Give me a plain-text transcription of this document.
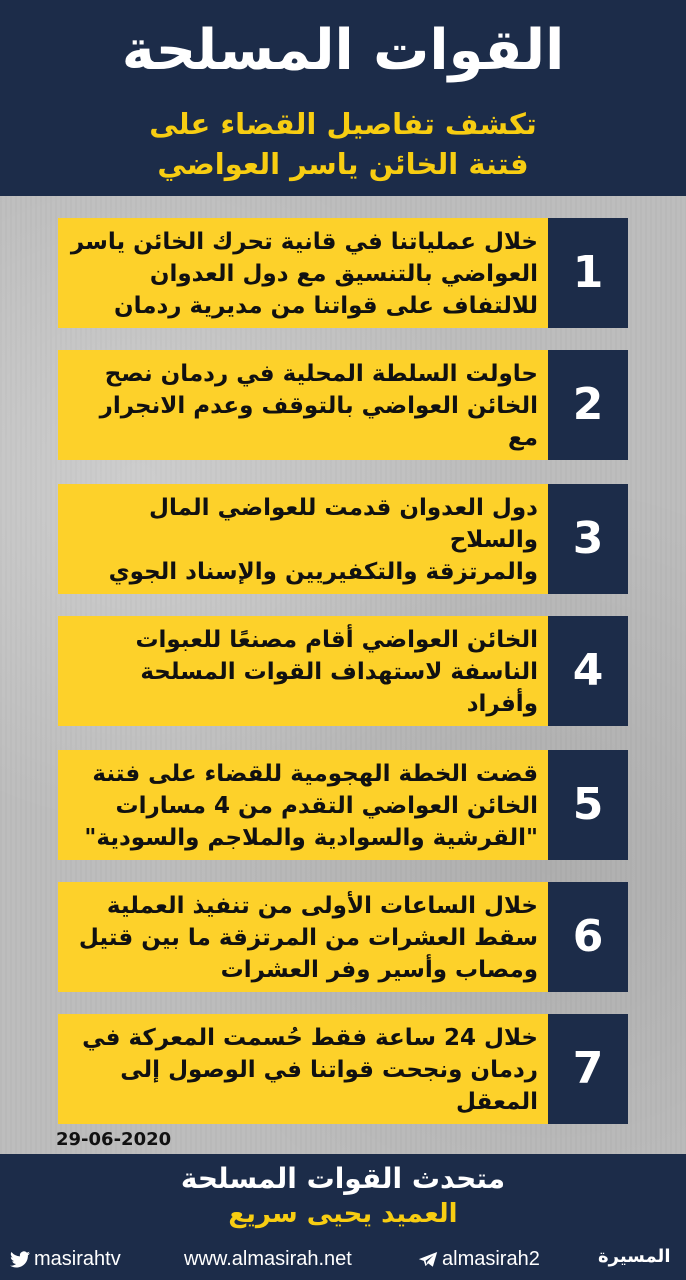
القوات المسلحة
تكشف تفاصيل القضاء على
فتنة الخائن ياسر العواضي
خلال عملياتنا في قانية تحرك الخائن ياسر
العواضي بالتنسيق مع دول العدوان
للالتفاف على قواتنا من مديرية ردمان
1
حاولت السلطة المحلية في ردمان نصح
الخائن العواضي بالتوقف وعدم الانجرار مع

2
دول العدوان قدمت للعواضي المال والسلاح
والمرتزقة والتكفيريين والإسناد الجوي

3
الخائن العواضي أقام مصنعًا للعبوات
الناسفة لاستهداف القوات المسلحة وأفراد

4
قضت الخطة الهجومية للقضاء على فتنة
الخائن العواضي التقدم من 4 مسارات
"القرشية والسوادية والملاجم والسودية"
5
خلال الساعات الأولى من تنفيذ العملية
سقط العشرات من المرتزقة ما بين قتيل
ومصاب وأسير وفر العشرات
6
خلال 24 ساعة فقط حُسمت المعركة في
ردمان ونجحت قواتنا في الوصول إلى المعقل

7
29-06-2020
متحدث القوات المسلحة
العميد يحيى سريع
masirahtv	www.almasirah.net	almasirah2	المسيرة
